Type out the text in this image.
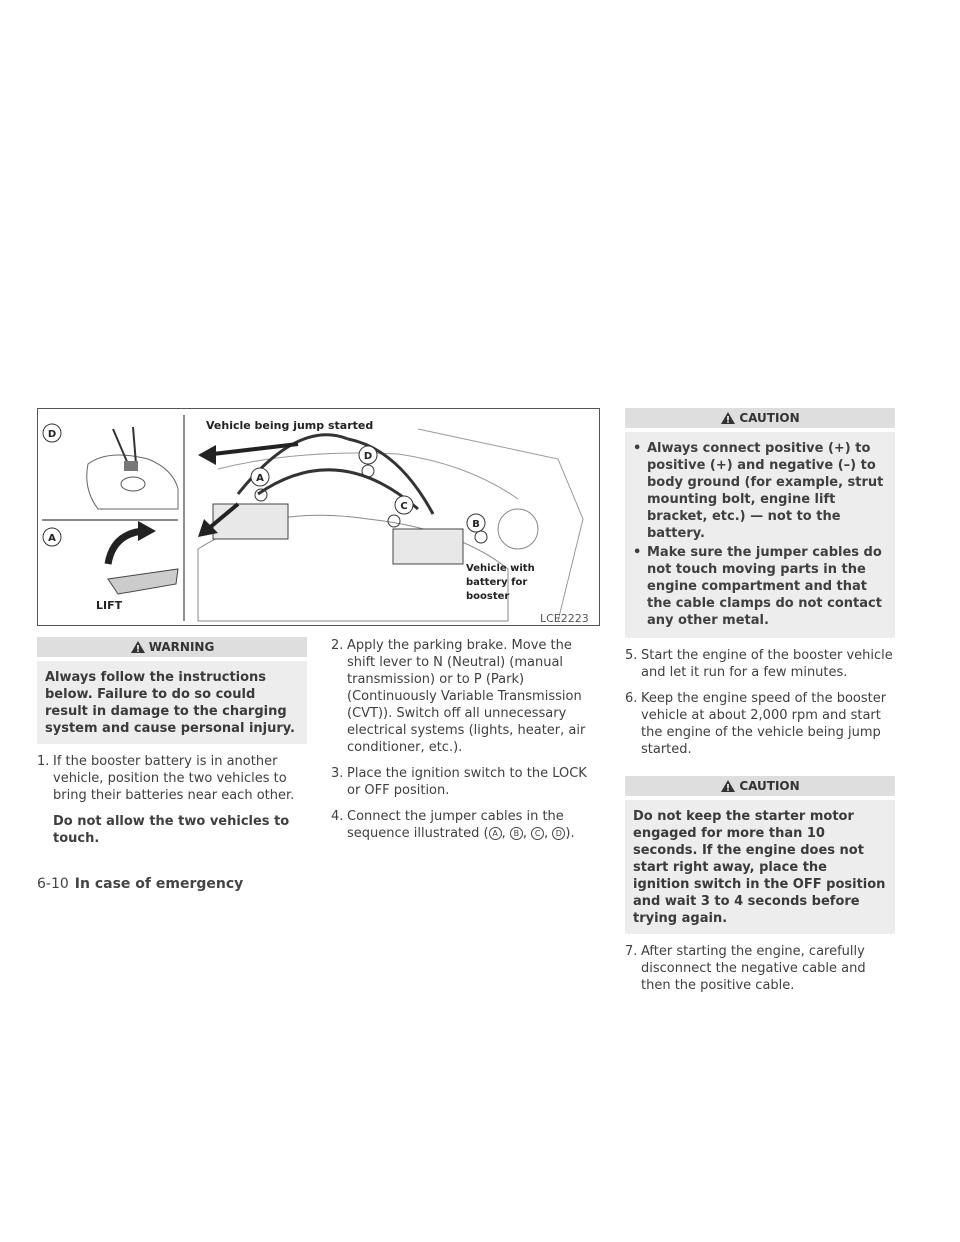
D
A
A
B
C
D
LIFT
Vehicle being jump started
Vehicle with
battery for
booster
LCE2223
WARNING
Always follow the instructions below. Failure to do so could result in damage to the charging system and cause personal injury.
1. If the booster battery is in another vehicle, position the two vehicles to bring their batteries near each other.
Do not allow the two vehicles to touch.
2. Apply the parking brake. Move the shift lever to N (Neutral) (manual transmission) or to P (Park) (Continuously Variable Transmission (CVT)). Switch off all unnecessary electrical systems (lights, heater, air conditioner, etc.).
3. Place the ignition switch to the LOCK or OFF position.
4. Connect the jumper cables in the sequence illustrated ( A , B , C , D ).
CAUTION
• Always connect positive (+) to positive (+) and negative (–) to body ground (for example, strut mounting bolt, engine lift bracket, etc.) — not to the battery.
• Make sure the jumper cables do not touch moving parts in the engine compartment and that the cable clamps do not contact any other metal.
5. Start the engine of the booster vehicle and let it run for a few minutes.
6. Keep the engine speed of the booster vehicle at about 2,000 rpm and start the engine of the vehicle being jump started.
CAUTION
Do not keep the starter motor engaged for more than 10 seconds. If the engine does not start right away, place the ignition switch in the OFF position and wait 3 to 4 seconds before trying again.
7. After starting the engine, carefully disconnect the negative cable and then the positive cable.
6-10 In case of emergency
